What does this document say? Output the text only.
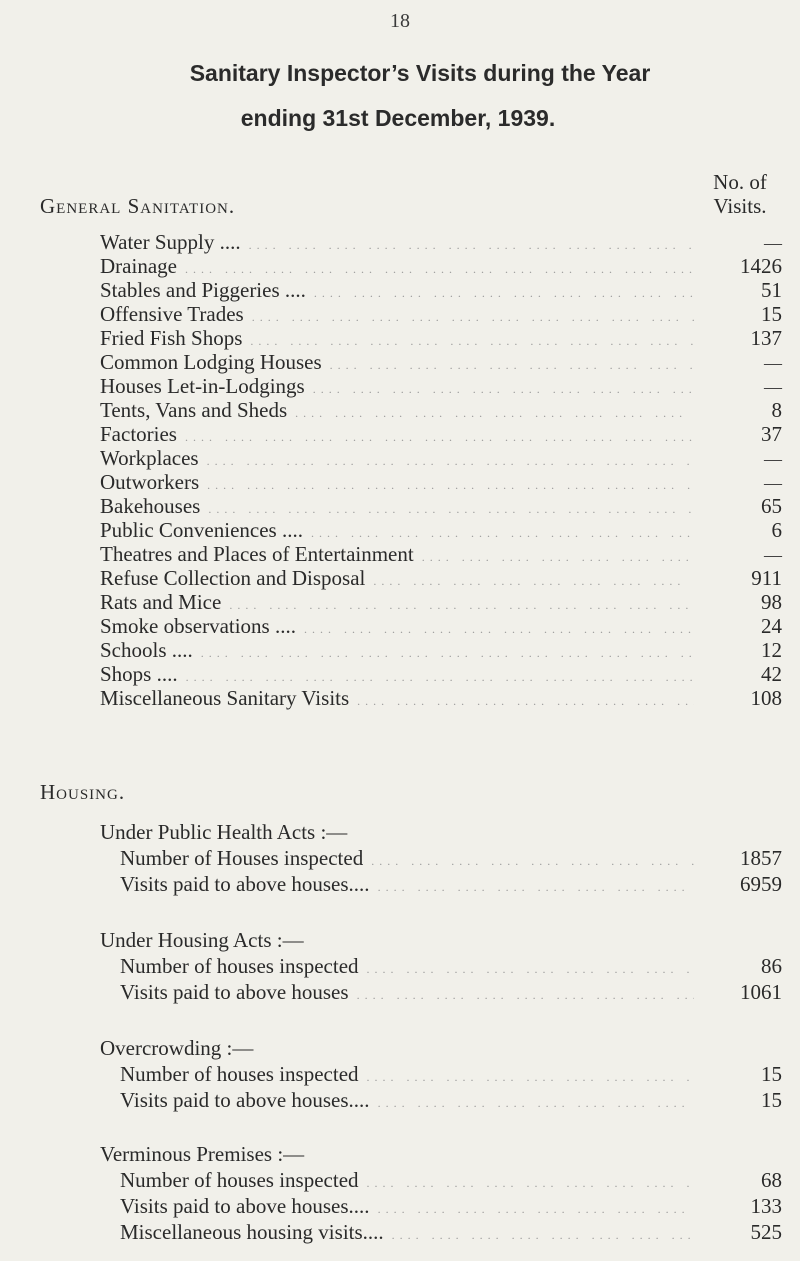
18
Sanitary Inspector’s Visits during the Year
ending 31st December, 1939.
No. of
Visits.
General Sanitation.
Water Supply .... ....	—
Drainage ....	1426
Stables and Piggeries .... ....	51
Offensive Trades ....	15
Fried Fish Shops ....	137
Common Lodging Houses ....	—
Houses Let-in-Lodgings ....	—
Tents, Vans and Sheds ....	8
Factories ....	37
Workplaces ....	—
Outworkers ....	—
Bakehouses ....	65
Public Conveniences .... ....	6
Theatres and Places of Entertainment ....	—
Refuse Collection and Disposal ....	911
Rats and Mice ....	98
Smoke observations .... ....	24
Schools .... ....	12
Shops .... ....	42
Miscellaneous Sanitary Visits ....	108
Housing.
Under Public Health Acts :—
Number of Houses inspected ....	1857
Visits paid to above houses.... ....	6959
Under Housing Acts :—
Number of houses inspected ....	86
Visits paid to above houses ....	1061
Overcrowding :—
Number of houses inspected ....	15
Visits paid to above houses.... ....	15
Verminous Premises :—
Number of houses inspected ....	68
Visits paid to above houses.... ....	133
Miscellaneous housing visits.... ....	525
